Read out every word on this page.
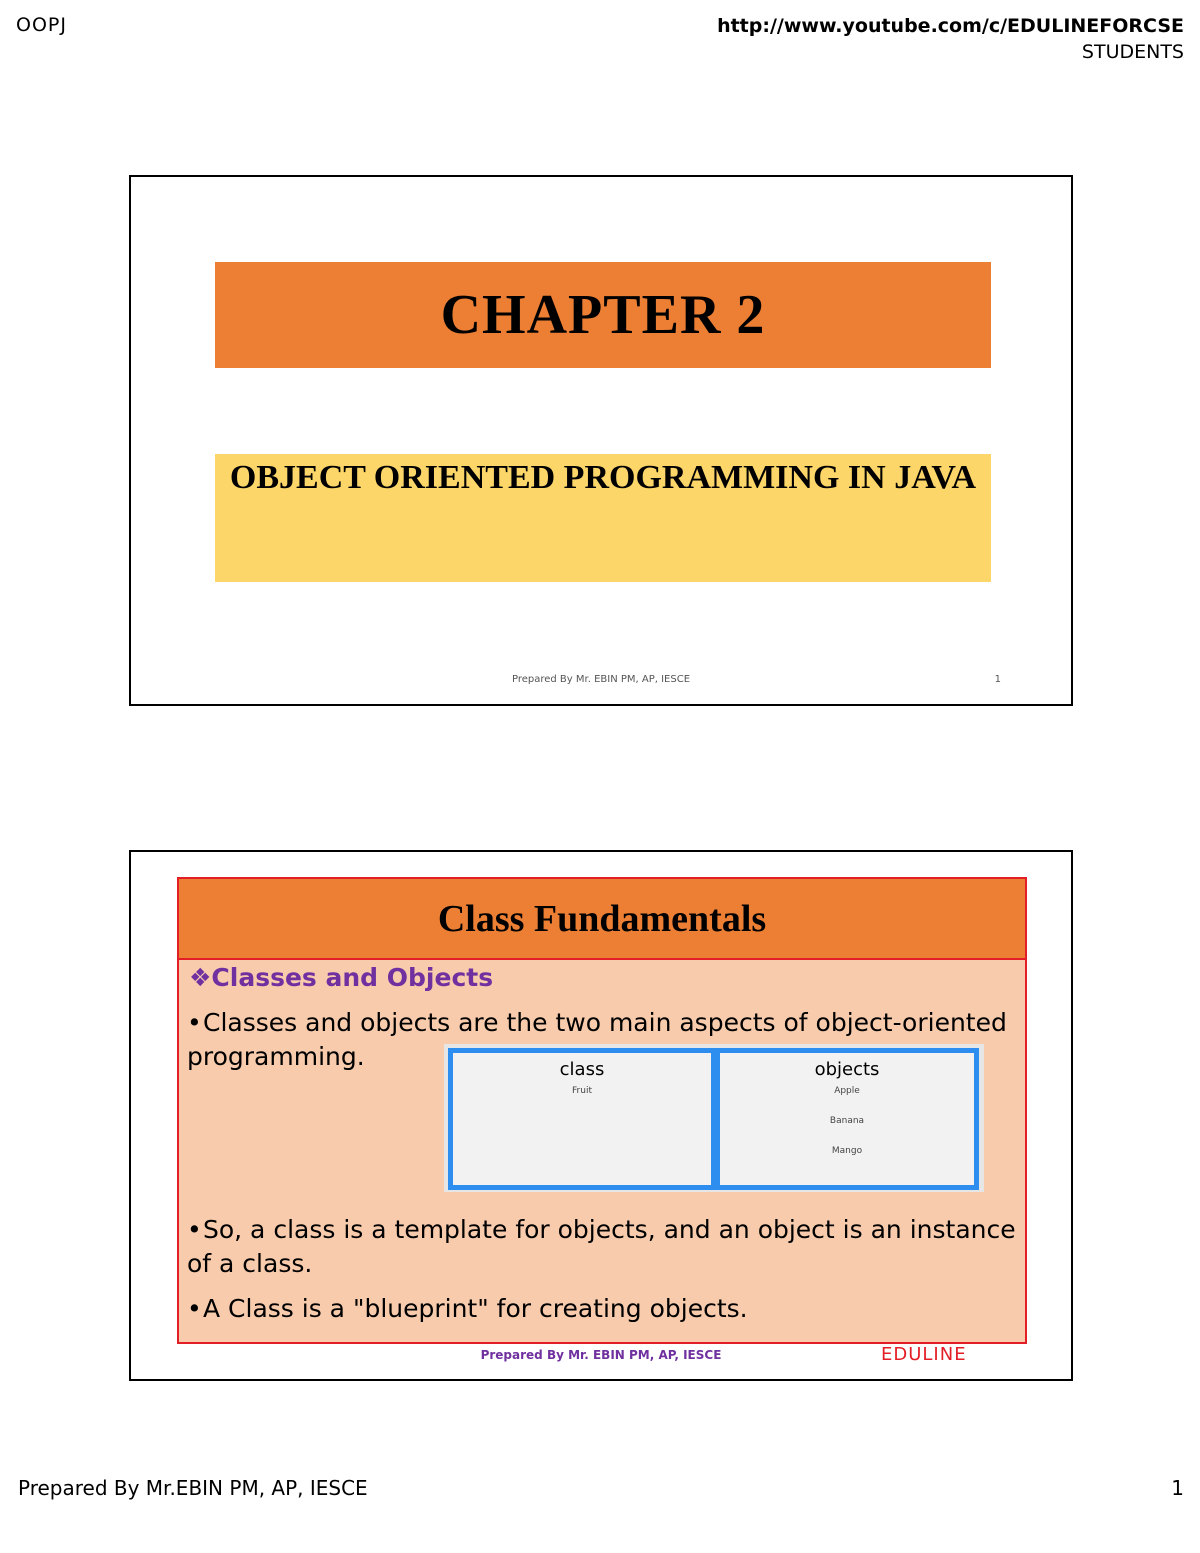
OOPJ	http://www.youtube.com/c/EDULINEFORCSE
STUDENTS
CHAPTER 2
OBJECT ORIENTED PROGRAMMING IN JAVA
Prepared By Mr. EBIN PM, AP, IESCE	1
Class Fundamentals
❖Classes and Objects
•Classes and objects are the two main aspects of object-oriented programming.	class
Fruit
objects
Apple
Banana
Mango
•So, a class is a template for objects, and an object is an instance of a class.
•A Class is a "blueprint" for creating objects.
Prepared By Mr. EBIN PM, AP, IESCE	EDULINE
Prepared By Mr.EBIN PM, AP, IESCE	1
